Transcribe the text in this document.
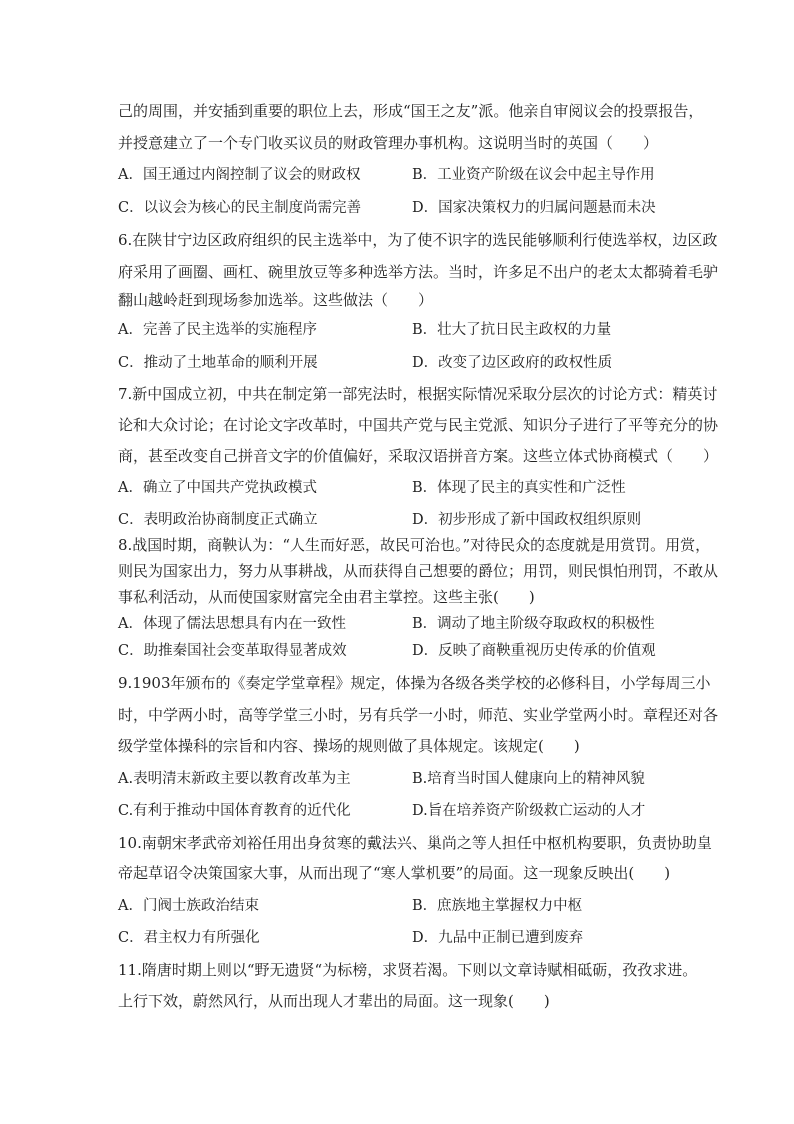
己的周围，并安插到重要的职位上去，形成“国王之友”派。他亲自审阅议会的投票报告，
并授意建立了一个专门收买议员的财政管理办事机构。这说明当时的英国（　　）
A．国王通过内阁控制了议会的财政权	B．工业资产阶级在议会中起主导作用
C．以议会为核心的民主制度尚需完善	D．国家决策权力的归属问题悬而未决
6.在陕甘宁边区政府组织的民主选举中，为了使不识字的选民能够顺利行使选举权，边区政
府采用了画圈、画杠、碗里放豆等多种选举方法。当时，许多足不出户的老太太都骑着毛驴
翻山越岭赶到现场参加选举。这些做法（　　）
A．完善了民主选举的实施程序	B．壮大了抗日民主政权的力量
C．推动了土地革命的顺利开展	D．改变了边区政府的政权性质
7.新中国成立初，中共在制定第一部宪法时，根据实际情况采取分层次的讨论方式：精英讨
论和大众讨论；在讨论文字改革时，中国共产党与民主党派、知识分子进行了平等充分的协
商，甚至改变自己拼音文字的价值偏好，采取汉语拼音方案。这些立体式协商模式（　　）
A．确立了中国共产党执政模式	B．体现了民主的真实性和广泛性
C．表明政治协商制度正式确立	D．初步形成了新中国政权组织原则
8.战国时期，商鞅认为：“人生而好恶，故民可治也。”对待民众的态度就是用赏罚。用赏，
则民为国家出力，努力从事耕战，从而获得自己想要的爵位；用罚，则民惧怕刑罚，不敢从
事私利活动，从而使国家财富完全由君主掌控。这些主张(　　)
A．体现了儒法思想具有内在一致性	B．调动了地主阶级夺取政权的积极性
C．助推秦国社会变革取得显著成效	D．反映了商鞅重视历史传承的价值观
9.1903年颁布的《奏定学堂章程》规定，体操为各级各类学校的必修科目，小学每周三小
时，中学两小时，高等学堂三小时，另有兵学一小时，师范、实业学堂两小时。章程还对各
级学堂体操科的宗旨和内容、操场的规则做了具体规定。该规定(　　)
A.表明清末新政主要以教育改革为主	B.培育当时国人健康向上的精神风貌
C.有利于推动中国体育教育的近代化	D.旨在培养资产阶级救亡运动的人才
10.南朝宋孝武帝刘裕任用出身贫寒的戴法兴、巢尚之等人担任中枢机构要职，负责协助皇
帝起草诏令决策国家大事，从而出现了“寒人掌机要”的局面。这一现象反映出(　　)
A．门阀士族政治结束	B．庶族地主掌握权力中枢
C．君主权力有所强化	D．九品中正制已遭到废弃
11.隋唐时期上则以“野无遗贤“为标榜，求贤若渴。下则以文章诗赋相砥砺，孜孜求进。
上行下效，蔚然风行，从而出现人才辈出的局面。这一现象(　　)
